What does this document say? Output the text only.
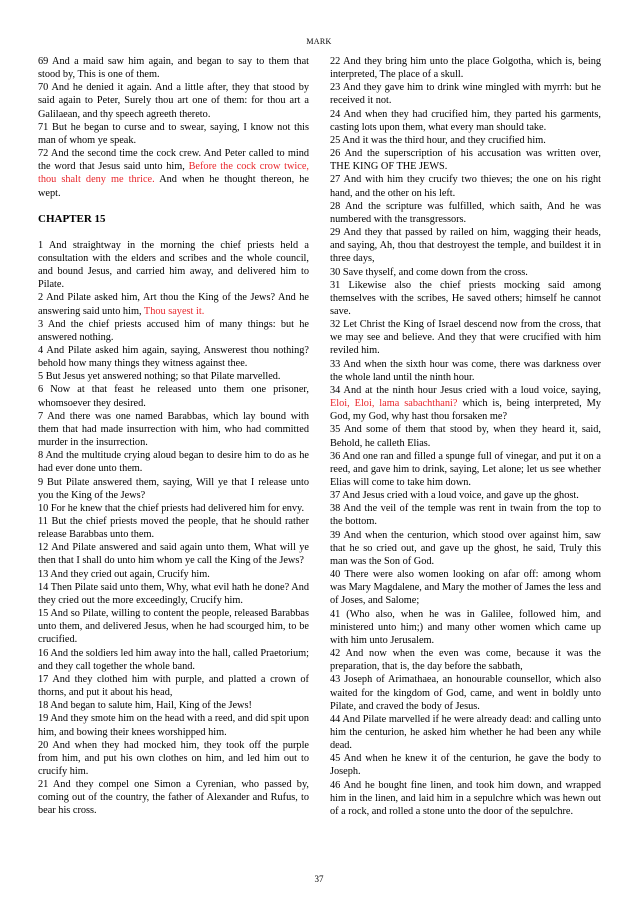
MARK

69 And a maid saw him again, and began to say to them that stood by, This is one of them.

70 And he denied it again. And a little after, they that stood by said again to Peter, Surely thou art one of them: for thou art a Galilaean, and thy speech agreeth thereto.

71 But he began to curse and to swear, saying, I know not this man of whom ye speak.

72 And the second time the cock crew. And Peter called to mind the word that Jesus said unto him, Before the cock crow twice, thou shalt deny me thrice. And when he thought thereon, he wept.

CHAPTER 15

1 And straightway in the morning the chief priests held a consultation with the elders and scribes and the whole council, and bound Jesus, and carried him away, and delivered him to Pilate.

2 And Pilate asked him, Art thou the King of the Jews? And he answering said unto him, Thou sayest it.

3 And the chief priests accused him of many things: but he answered nothing.

4 And Pilate asked him again, saying, Answerest thou nothing? behold how many things they witness against thee.

5 But Jesus yet answered nothing; so that Pilate marvelled.

6 Now at that feast he released unto them one prisoner, whomsoever they desired.

7 And there was one named Barabbas, which lay bound with them that had made insurrection with him, who had committed murder in the insurrection.

8 And the multitude crying aloud began to desire him to do as he had ever done unto them.

9 But Pilate answered them, saying, Will ye that I release unto you the King of the Jews?

10 For he knew that the chief priests had delivered him for envy.

11 But the chief priests moved the people, that he should rather release Barabbas unto them.

12 And Pilate answered and said again unto them, What will ye then that I shall do unto him whom ye call the King of the Jews?

13 And they cried out again, Crucify him.

14 Then Pilate said unto them, Why, what evil hath he done? And they cried out the more exceedingly, Crucify him.

15 And so Pilate, willing to content the people, released Barabbas unto them, and delivered Jesus, when he had scourged him, to be crucified.

16 And the soldiers led him away into the hall, called Praetorium; and they call together the whole band.

17 And they clothed him with purple, and platted a crown of thorns, and put it about his head,

18 And began to salute him, Hail, King of the Jews!

19 And they smote him on the head with a reed, and did spit upon him, and bowing their knees worshipped him.

20 And when they had mocked him, they took off the purple from him, and put his own clothes on him, and led him out to crucify him.

21 And they compel one Simon a Cyrenian, who passed by, coming out of the country, the father of Alexander and Rufus, to bear his cross.

22 And they bring him unto the place Golgotha, which is, being interpreted, The place of a skull.

23 And they gave him to drink wine mingled with myrrh: but he received it not.

24 And when they had crucified him, they parted his garments, casting lots upon them, what every man should take.

25 And it was the third hour, and they crucified him.

26 And the superscription of his accusation was written over, THE KING OF THE JEWS.

27 And with him they crucify two thieves; the one on his right hand, and the other on his left.

28 And the scripture was fulfilled, which saith, And he was numbered with the transgressors.

29 And they that passed by railed on him, wagging their heads, and saying, Ah, thou that destroyest the temple, and buildest it in three days,

30 Save thyself, and come down from the cross.

31 Likewise also the chief priests mocking said among themselves with the scribes, He saved others; himself he cannot save.

32 Let Christ the King of Israel descend now from the cross, that we may see and believe. And they that were crucified with him reviled him.

33 And when the sixth hour was come, there was darkness over the whole land until the ninth hour.

34 And at the ninth hour Jesus cried with a loud voice, saying, Eloi, Eloi, lama sabachthani? which is, being interpreted, My God, my God, why hast thou forsaken me?

35 And some of them that stood by, when they heard it, said, Behold, he calleth Elias.

36 And one ran and filled a spunge full of vinegar, and put it on a reed, and gave him to drink, saying, Let alone; let us see whether Elias will come to take him down.

37 And Jesus cried with a loud voice, and gave up the ghost.

38 And the veil of the temple was rent in twain from the top to the bottom.

39 And when the centurion, which stood over against him, saw that he so cried out, and gave up the ghost, he said, Truly this man was the Son of God.

40 There were also women looking on afar off: among whom was Mary Magdalene, and Mary the mother of James the less and of Joses, and Salome;

41 (Who also, when he was in Galilee, followed him, and ministered unto him;) and many other women which came up with him unto Jerusalem.

42 And now when the even was come, because it was the preparation, that is, the day before the sabbath,

43 Joseph of Arimathaea, an honourable counsellor, which also waited for the kingdom of God, came, and went in boldly unto Pilate, and craved the body of Jesus.

44 And Pilate marvelled if he were already dead: and calling unto him the centurion, he asked him whether he had been any while dead.

45 And when he knew it of the centurion, he gave the body to Joseph.

46 And he bought fine linen, and took him down, and wrapped him in the linen, and laid him in a sepulchre which was hewn out of a rock, and rolled a stone unto the door of the sepulchre.

37
